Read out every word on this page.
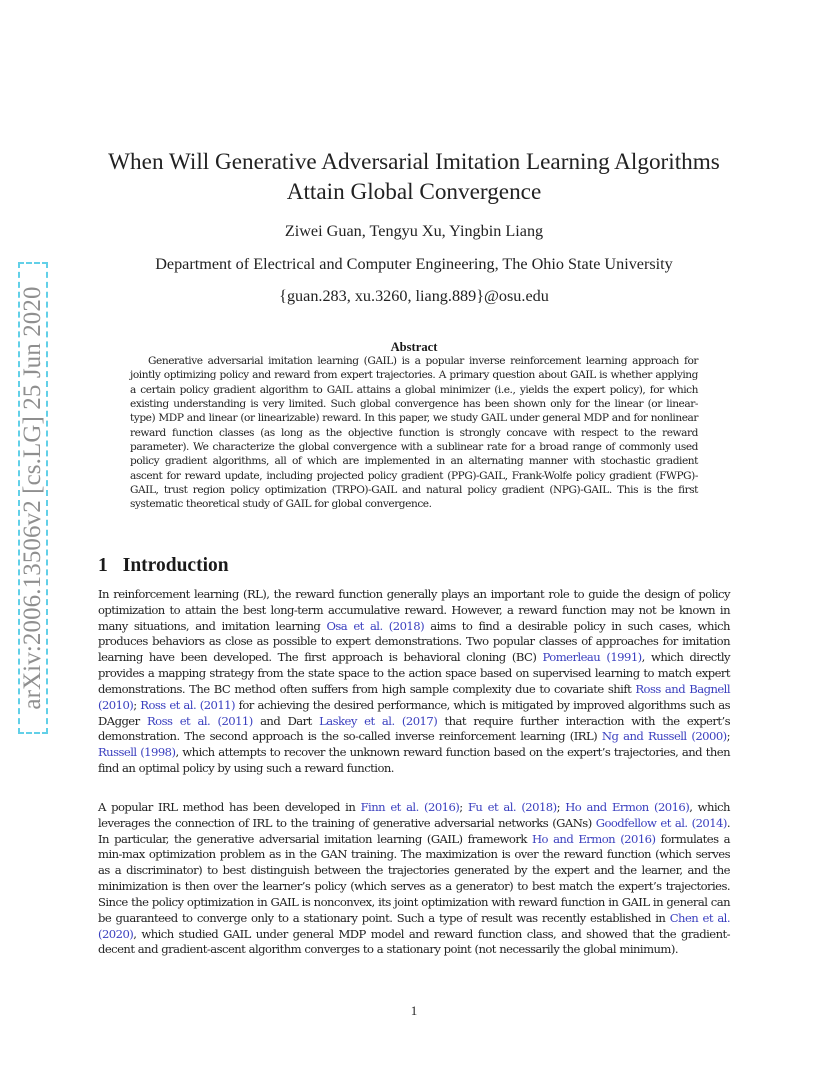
arXiv:2006.13506v2 [cs.LG] 25 Jun 2020
When Will Generative Adversarial Imitation Learning Algorithms
Attain Global Convergence
Ziwei Guan, Tengyu Xu, Yingbin Liang
Department of Electrical and Computer Engineering, The Ohio State University
{guan.283, xu.3260, liang.889}@osu.edu
Abstract

Generative adversarial imitation learning (GAIL) is a popular inverse reinforcement learning approach for jointly optimizing policy and reward from expert trajectories. A primary question about GAIL is whether applying a certain policy gradient algorithm to GAIL attains a global minimizer (i.e., yields the expert policy), for which existing understanding is very limited. Such global convergence has been shown only for the linear (or linear-type) MDP and linear (or linearizable) reward. In this paper, we study GAIL under general MDP and for nonlinear reward function classes (as long as the objective function is strongly concave with respect to the reward parameter). We characterize the global convergence with a sublinear rate for a broad range of commonly used policy gradient algorithms, all of which are implemented in an alternating manner with stochastic gradient ascent for reward update, including projected policy gradient (PPG)-GAIL, Frank-Wolfe policy gradient (FWPG)-GAIL, trust region policy optimization (TRPO)-GAIL and natural policy gradient (NPG)-GAIL. This is the first systematic theoretical study of GAIL for global convergence.

1 Introduction

In reinforcement learning (RL), the reward function generally plays an important role to guide the design of policy optimization to attain the best long-term accumulative reward. However, a reward function may not be known in many situations, and imitation learning Osa et al. (2018) aims to find a desirable policy in such cases, which produces behaviors as close as possible to expert demonstrations. Two popular classes of approaches for imitation learning have been developed. The first approach is behavioral cloning (BC) Pomerleau (1991), which directly provides a mapping strategy from the state space to the action space based on supervised learning to match expert demonstrations. The BC method often suffers from high sample complexity due to covariate shift Ross and Bagnell (2010); Ross et al. (2011) for achieving the desired performance, which is mitigated by improved algorithms such as DAgger Ross et al. (2011) and Dart Laskey et al. (2017) that require further interaction with the expert’s demonstration. The second approach is the so-called inverse reinforcement learning (IRL) Ng and Russell (2000); Russell (1998), which attempts to recover the unknown reward function based on the expert’s trajectories, and then find an optimal policy by using such a reward function.

A popular IRL method has been developed in Finn et al. (2016); Fu et al. (2018); Ho and Ermon (2016), which leverages the connection of IRL to the training of generative adversarial networks (GANs) Goodfellow et al. (2014). In particular, the generative adversarial imitation learning (GAIL) framework Ho and Ermon (2016) formulates a min-max optimization problem as in the GAN training. The maximization is over the reward function (which serves as a discriminator) to best distinguish between the trajectories generated by the expert and the learner, and the minimization is then over the learner’s policy (which serves as a generator) to best match the expert’s trajectories. Since the policy optimization in GAIL is nonconvex, its joint optimization with reward function in GAIL in general can be guaranteed to converge only to a stationary point. Such a type of result was recently established in Chen et al. (2020), which studied GAIL under general MDP model and reward function class, and showed that the gradient-decent and gradient-ascent algorithm converges to a stationary point (not necessarily the global minimum).

1
